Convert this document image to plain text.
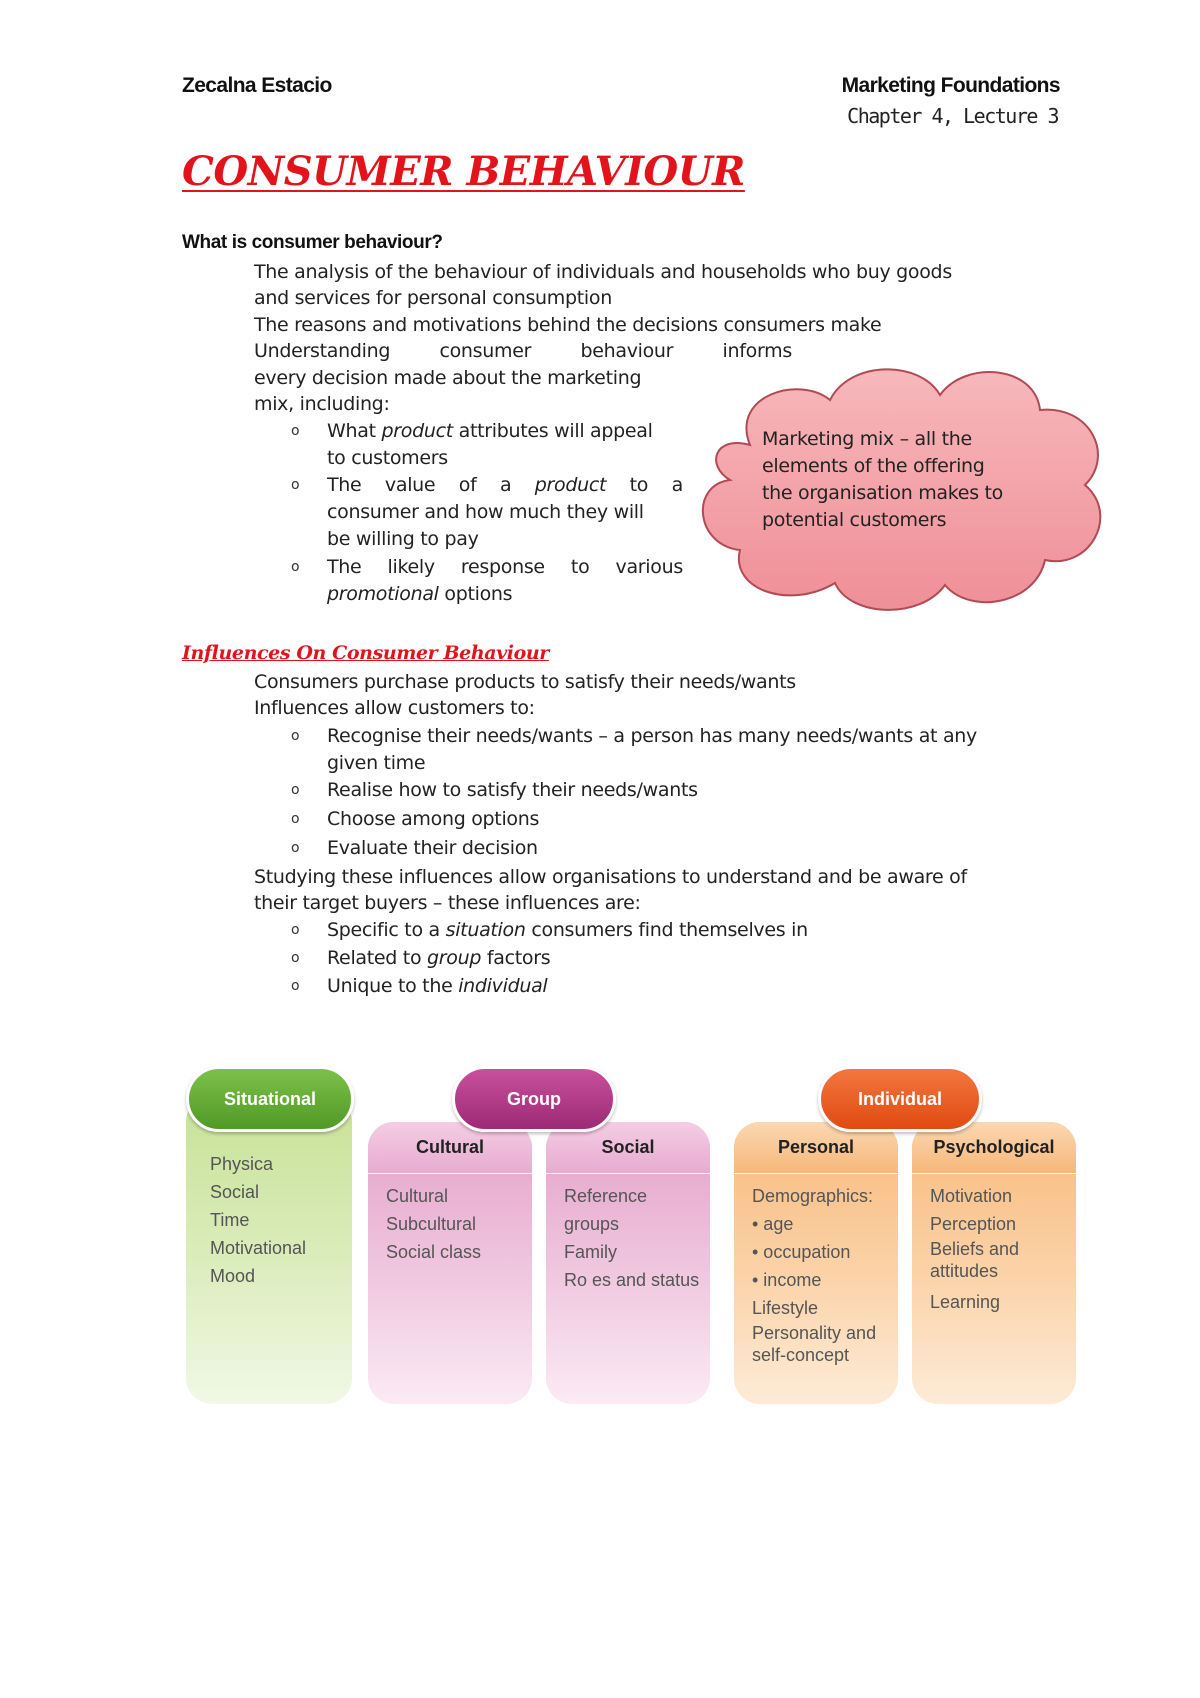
Zecalna Estacio	Marketing Foundations
Chapter 4, Lecture 3
CONSUMER BEHAVIOUR
What is consumer behaviour?
The analysis of the behaviour of individuals and households who buy goods
and services for personal consumption
The reasons and motivations behind the decisions consumers make
Understanding	consumer	behaviour	informs
every decision made about the marketing
mix, including:
o What product attributes will appeal
to customers
o The value of a product to a
consumer and how much they will
be willing to pay
o The likely response to various
promotional options
Marketing mix – all the elements of the offering the organisation makes to potential customers
Influences On Consumer Behaviour
Consumers purchase products to satisfy their needs/wants
Influences allow customers to:
o Recognise their needs/wants – a person has many needs/wants at any
given time
o Realise how to satisfy their needs/wants
o Choose among options
o Evaluate their decision
Studying these influences allow organisations to understand and be aware of
their target buyers – these influences are:
o Specific to a situation consumers find themselves in
o Related to group factors
o Unique to the individual
Physica
Social
Time
Motivational
Mood
Cultural
Cultural
Subcultural
Social class
Social
Reference
groups
Family
Ro es and status
Personal
Demographics:
• age
• occupation
• income
Lifestyle
Personality and self-concept
Psychological
Motivation
Perception
Beliefs and attitudes
Learning
Situational	Group	Individual
